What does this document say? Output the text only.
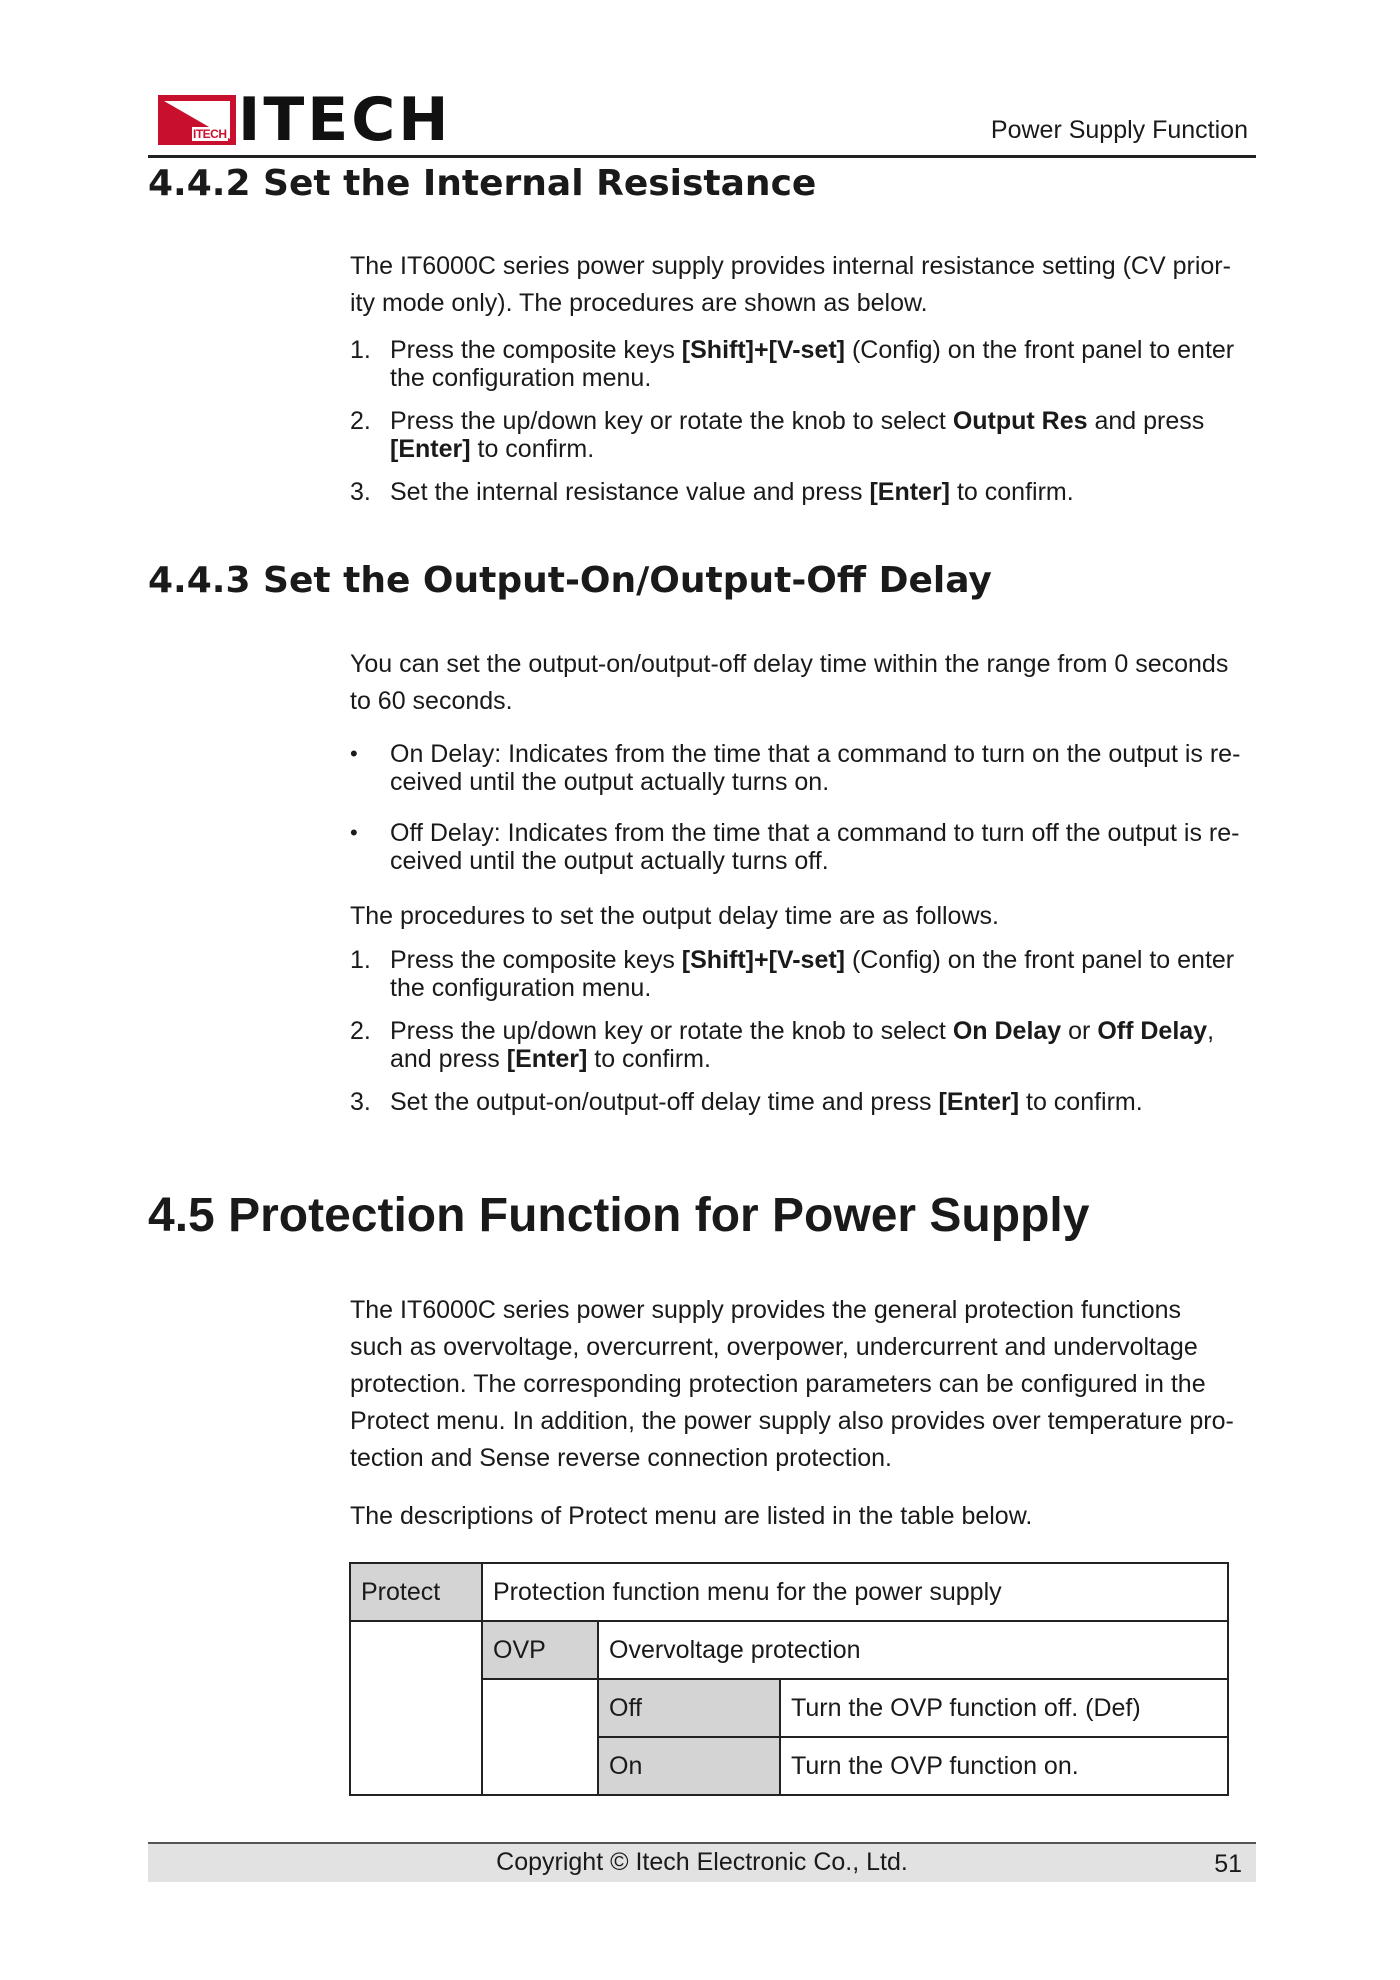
ITECH ITECH	Power Supply Function
4.4.2 Set the Internal Resistance

The IT6000C series power supply provides internal resistance setting (CV prior-
ity mode only). The procedures are shown as below.

1. Press the composite keys [Shift]+[V-set] (Config) on the front panel to enter
the configuration menu.
2. Press the up/down key or rotate the knob to select Output Res and press
[Enter] to confirm.
3. Set the internal resistance value and press [Enter] to confirm.
4.4.3 Set the Output-On/Output-Off Delay

You can set the output-on/output-off delay time within the range from 0 seconds
to 60 seconds.

• On Delay: Indicates from the time that a command to turn on the output is re-
ceived until the output actually turns on.
• Off Delay: Indicates from the time that a command to turn off the output is re-
ceived until the output actually turns off.
The procedures to set the output delay time are as follows.
1. Press the composite keys [Shift]+[V-set] (Config) on the front panel to enter
the configuration menu.
2. Press the up/down key or rotate the knob to select On Delay or Off Delay,
and press [Enter] to confirm.
3. Set the output-on/output-off delay time and press [Enter] to confirm.
4.5 Protection Function for Power Supply

The IT6000C series power supply provides the general protection functions
such as overvoltage, overcurrent, overpower, undercurrent and undervoltage
protection. The corresponding protection parameters can be configured in the
Protect menu. In addition, the power supply also provides over temperature pro-
tection and Sense reverse connection protection.

The descriptions of Protect menu are listed in the table below.
Protect	Protection function menu for the power supply		
	OVP	Overvoltage protection	
		Off	Turn the OVP function off. (Def)
		On	Turn the OVP function on.
Copyright © Itech Electronic Co., Ltd.	51
